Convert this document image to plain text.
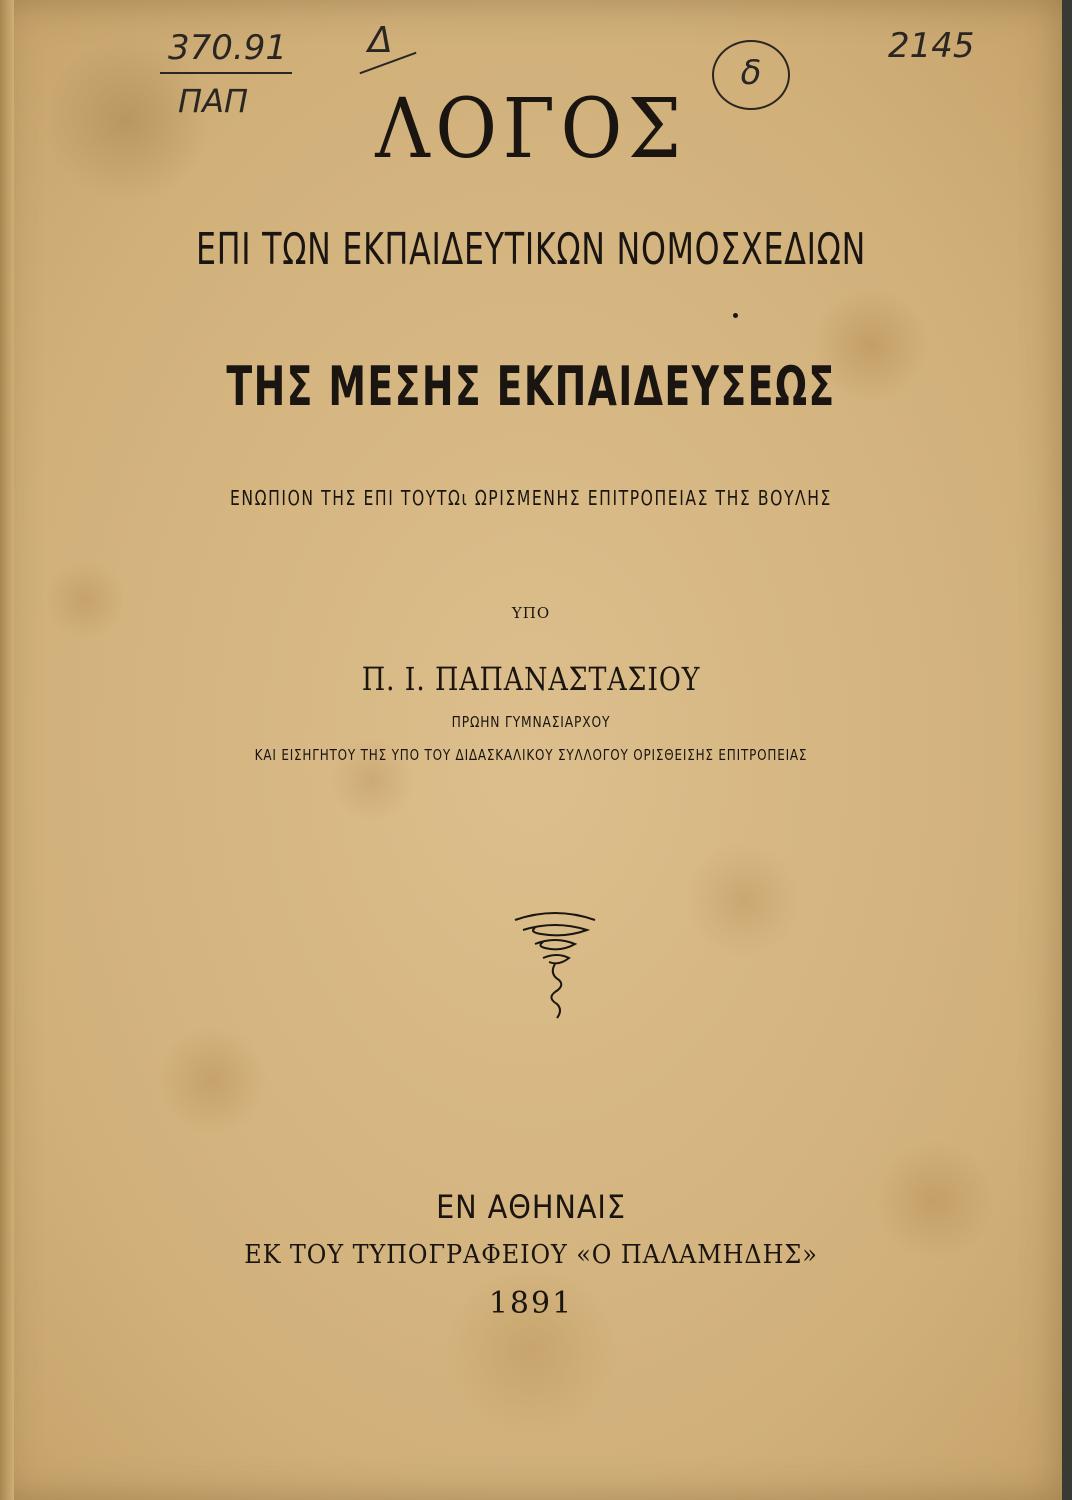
370.91
ΠΑΠ
Δ
δ
2145
ΛΟΓΟΣ
ΕΠΙ ΤΩΝ ΕΚΠΑΙΔΕΥΤΙΚΩΝ ΝΟΜΟΣΧΕΔΙΩΝ
ΤΗΣ ΜΕΣΗΣ ΕΚΠΑΙΔΕΥΣΕΩΣ
ΕΝΩΠΙΟΝ ΤΗΣ ΕΠΙ ΤΟΥΤΩι ΩΡΙΣΜΕΝΗΣ ΕΠΙΤΡΟΠΕΙΑΣ ΤΗΣ ΒΟΥΛΗΣ
ΥΠΟ
Π. Ι. ΠΑΠΑΝΑΣΤΑΣΙΟΥ
ΠΡΩΗΝ ΓΥΜΝΑΣΙΑΡΧΟΥ
ΚΑΙ ΕΙΣΗΓΗΤΟΥ ΤΗΣ ΥΠΟ ΤΟΥ ΔΙΔΑΣΚΑΛΙΚΟΥ ΣΥΛΛΟΓΟΥ ΟΡΙΣΘΕΙΣΗΣ ΕΠΙΤΡΟΠΕΙΑΣ
ΕΝ ΑΘΗΝΑΙΣ
ΕΚ ΤΟΥ ΤΥΠΟΓΡΑΦΕΙΟΥ «Ο ΠΑΛΑΜΗΔΗΣ»
1891
